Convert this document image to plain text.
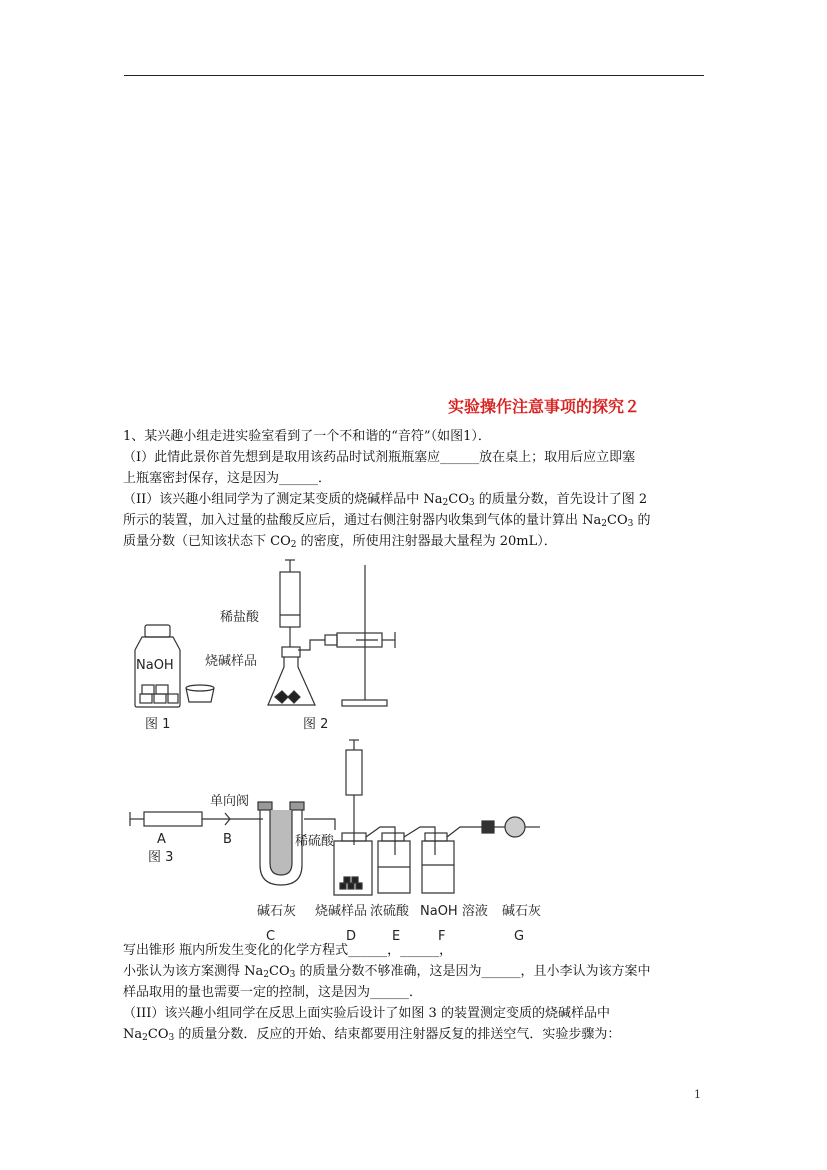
实验操作注意事项的探究２
1、某兴趣小组走进实验室看到了一个不和谐的“音符”（如图1）．
（I）此情此景你首先想到是取用该药品时试剂瓶瓶塞应______放在桌上；取用后应立即塞
上瓶塞密封保存，这是因为______．
（II）该兴趣小组同学为了测定某变质的烧碱样品中 $Na_2CO_3$ 的质量分数，首先设计了图 2
所示的装置，加入过量的盐酸反应后，通过右侧注射器内收集到气体的量计算出 $Na_2CO_3$ 的
质量分数（已知该状态下 $CO_2$ 的密度，所使用注射器最大量程为 20mL）．
NaOH
图 1
稀盐酸
烧碱样品
图 2
单向阀
稀硫酸
A	B
图 3
碱石灰 烧碱样品 浓硫酸 NaOH 溶液 碱石灰
C	D	E	F	G
写出锥形 瓶内所发生变化的化学方程式______，______，
小张认为该方案测得 $Na_2CO_3$ 的质量分数不够准确，这是因为______，且小李认为该方案中
样品取用的量也需要一定的控制，这是因为______．
（III）该兴趣小组同学在反思上面实验后设计了如图 3 的装置测定变质的烧碱样品中
$Na_2CO_3$ 的质量分数．反应的开始、结束都要用注射器反复的排送空气．实验步骤为：
1
